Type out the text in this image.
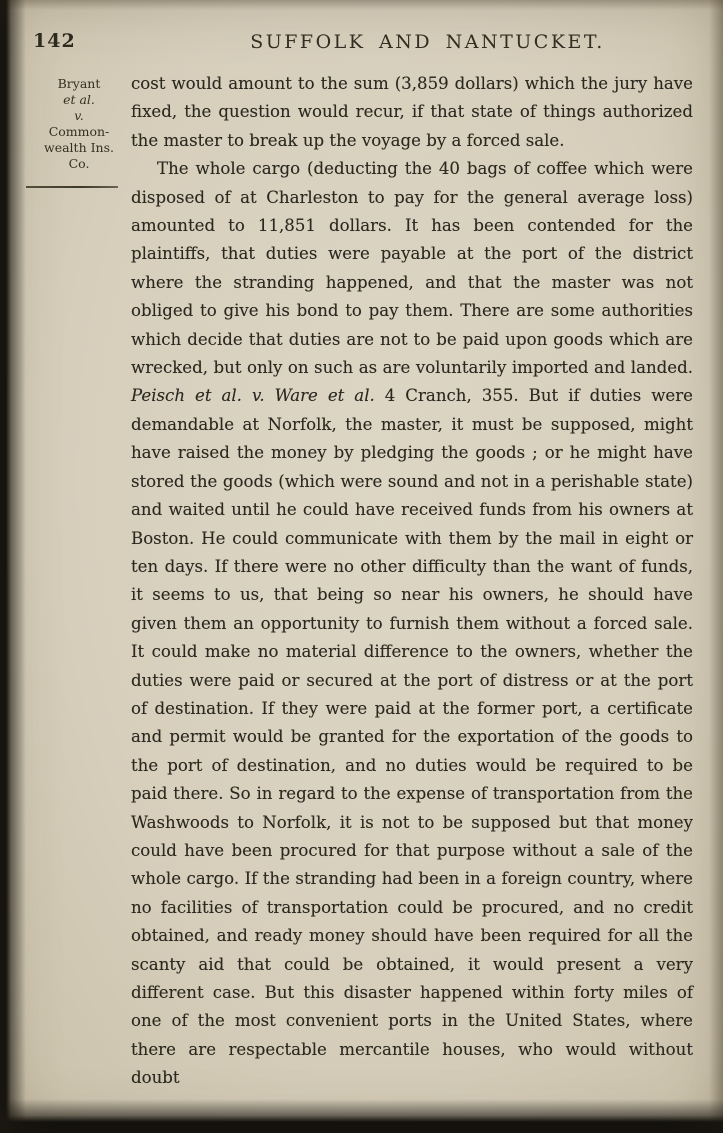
142	SUFFOLK AND NANTUCKET.
Bryant
et al.
v.
Common-
wealth Ins.
Co.

cost would amount to the sum (3,859 dollars) which the jury have fixed, the question would recur, if that state of things authorized the master to break up the voyage by a forced sale.

The whole cargo (deducting the 40 bags of coffee which were disposed of at Charleston to pay for the general average loss) amounted to 11,851 dollars. It has been contended for the plaintiffs, that duties were payable at the port of the district where the stranding happened, and that the master was not obliged to give his bond to pay them. There are some authorities which decide that duties are not to be paid upon goods which are wrecked, but only on such as are voluntarily imported and landed. Peisch et al. v. Ware et al. 4 Cranch, 355. But if duties were demandable at Norfolk, the master, it must be supposed, might have raised the money by pledging the goods ; or he might have stored the goods (which were sound and not in a perishable state) and waited until he could have received funds from his owners at Boston. He could communicate with them by the mail in eight or ten days. If there were no other difficulty than the want of funds, it seems to us, that being so near his owners, he should have given them an opportunity to furnish them without a forced sale. It could make no material difference to the owners, whether the duties were paid or secured at the port of distress or at the port of destination. If they were paid at the former port, a certificate and permit would be granted for the exportation of the goods to the port of destination, and no duties would be required to be paid there. So in regard to the expense of transportation from the Washwoods to Norfolk, it is not to be supposed but that money could have been procured for that purpose without a sale of the whole cargo. If the stranding had been in a foreign country, where no facilities of transportation could be procured, and no credit obtained, and ready money should have been required for all the scanty aid that could be obtained, it would present a very different case. But this disaster happened within forty miles of one of the most convenient ports in the United States, where there are respectable mercantile houses, who would without doubt
